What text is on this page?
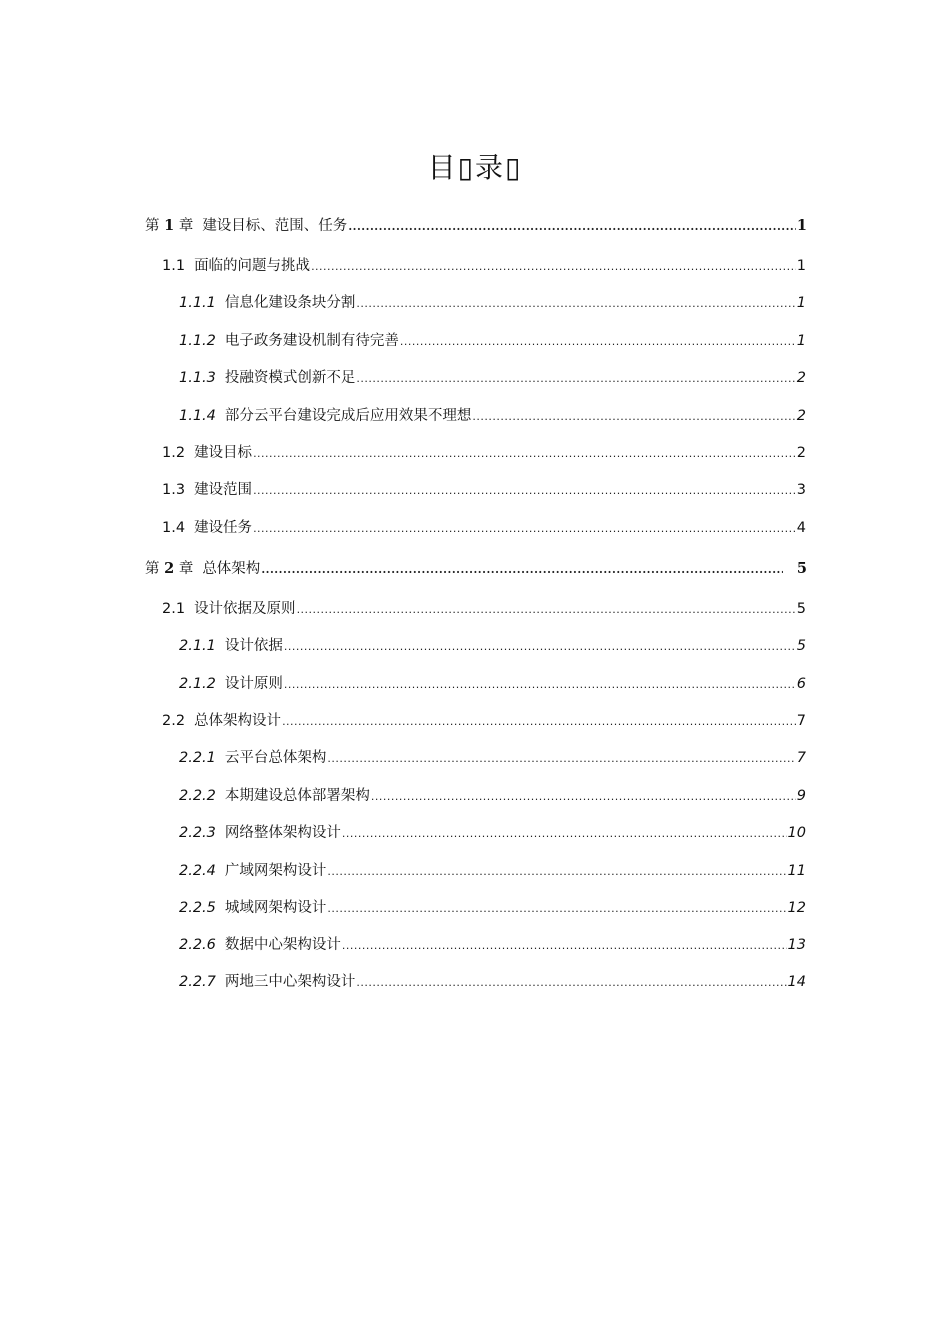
目▯录▯
第 1 章 建设目标、范围、任务 .....	1
1.1 面临的问题与挑战 .....	1
1.1.1 信息化建设条块分割 .....	1
1.1.2 电子政务建设机制有待完善 .....	1
1.1.3 投融资模式创新不足 .....	2
1.1.4 部分云平台建设完成后应用效果不理想 .....	2
1.2 建设目标 .....	2
1.3 建设范围 .....	3
1.4 建设任务 .....	4
第 2 章 总体架构 .....	5
2.1 设计依据及原则 .....	5
2.1.1 设计依据 .....	5
2.1.2 设计原则 .....	6
2.2 总体架构设计 .....	7
2.2.1 云平台总体架构 .....	7
2.2.2 本期建设总体部署架构 .....	9
2.2.3 网络整体架构设计 .....	10
2.2.4 广域网架构设计 .....	11
2.2.5 城域网架构设计 .....	12
2.2.6 数据中心架构设计 .....	13
2.2.7 两地三中心架构设计 .....	14
